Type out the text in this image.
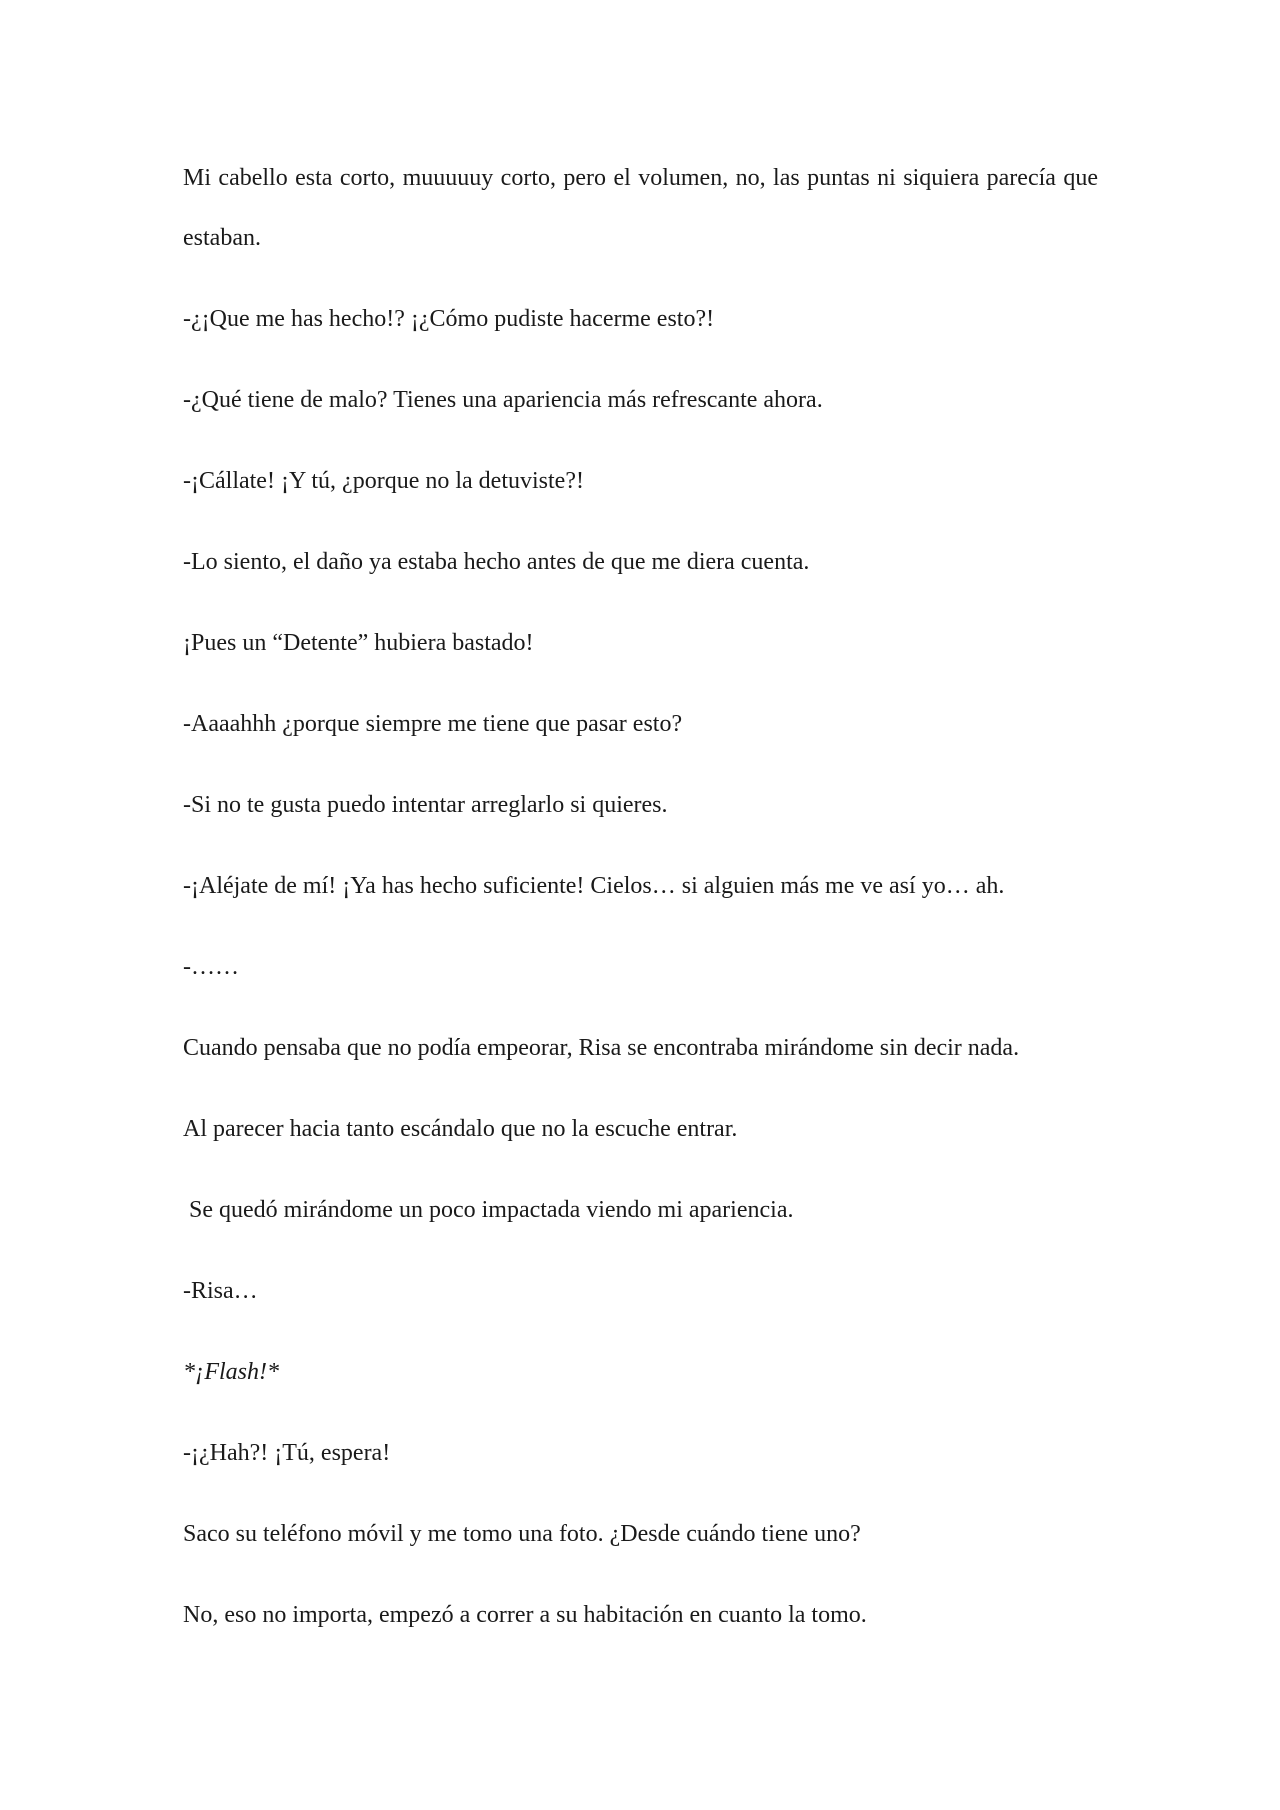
Mi cabello esta corto, muuuuuy corto, pero el volumen, no, las puntas ni siquiera parecía que estaban.

-¿¡Que me has hecho!? ¡¿Cómo pudiste hacerme esto?!

-¿Qué tiene de malo? Tienes una apariencia más refrescante ahora.

-¡Cállate! ¡Y tú, ¿porque no la detuviste?!

-Lo siento, el daño ya estaba hecho antes de que me diera cuenta.

¡Pues un “Detente” hubiera bastado!

-Aaaahhh ¿porque siempre me tiene que pasar esto?

-Si no te gusta puedo intentar arreglarlo si quieres.

-¡Aléjate de mí! ¡Ya has hecho suficiente! Cielos… si alguien más me ve así yo… ah.

-……

Cuando pensaba que no podía empeorar, Risa se encontraba mirándome sin decir nada.

Al parecer hacia tanto escándalo que no la escuche entrar.

Se quedó mirándome un poco impactada viendo mi apariencia.

-Risa…

*¡Flash!*

-¡¿Hah?! ¡Tú, espera!

Saco su teléfono móvil y me tomo una foto. ¿Desde cuándo tiene uno?

No, eso no importa, empezó a correr a su habitación en cuanto la tomo.
